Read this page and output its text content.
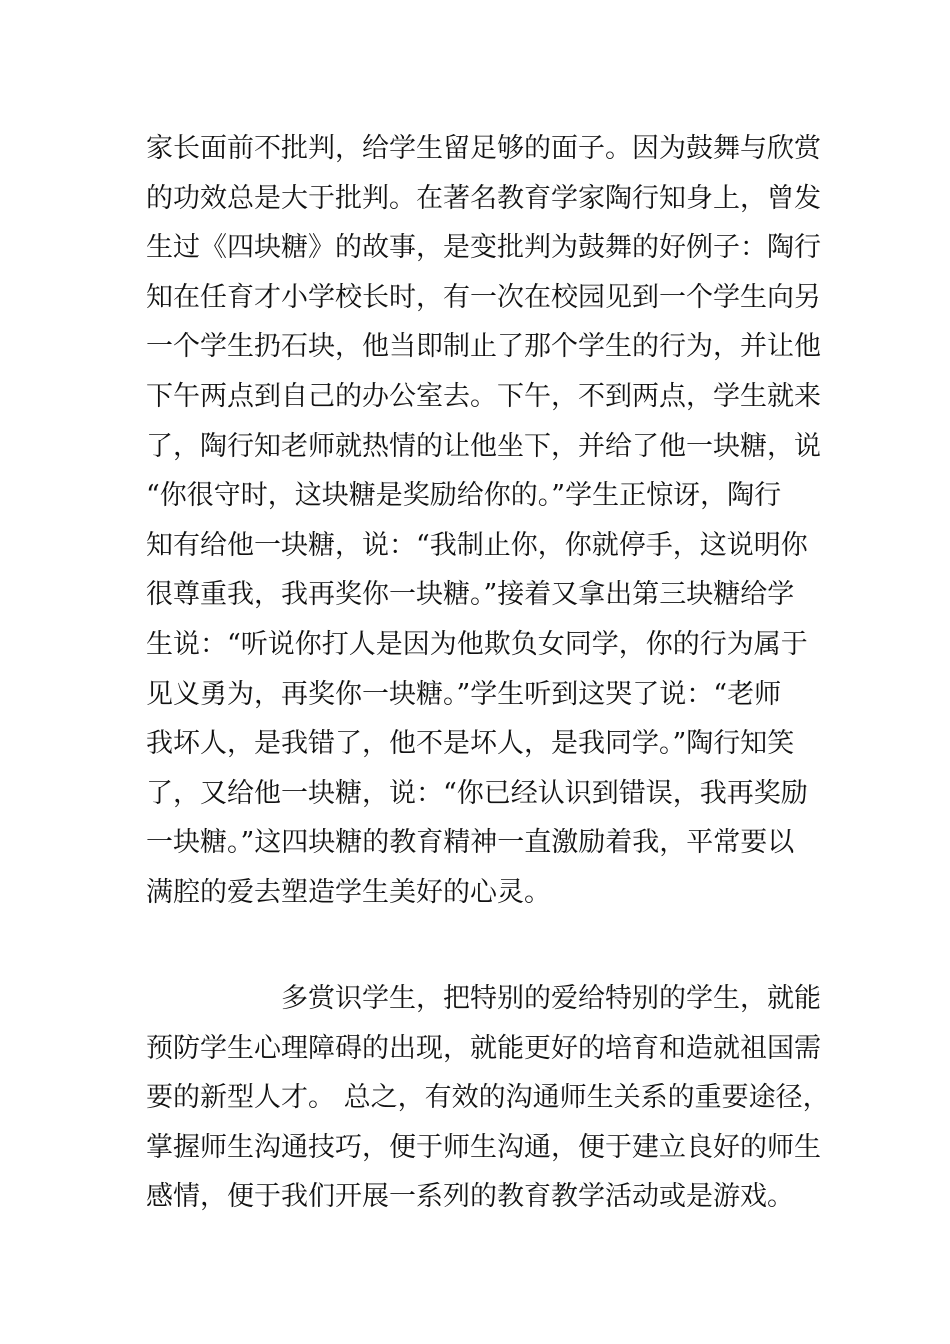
家长面前不批判，给学生留足够的面子。因为鼓舞与欣赏
的功效总是大于批判。在著名教育学家陶行知身上，曾发
生过《四块糖》的故事，是变批判为鼓舞的好例子：陶行
知在任育才小学校长时，有一次在校园见到一个学生向另
一个学生扔石块，他当即制止了那个学生的行为，并让他
下午两点到自己的办公室去。下午，不到两点，学生就来
了，陶行知老师就热情的让他坐下，并给了他一块糖，说
“你很守时，这块糖是奖励给你的。”学生正惊讶，陶行
知有给他一块糖，说：“我制止你，你就停手，这说明你
很尊重我，我再奖你一块糖。”接着又拿出第三块糖给学
生说：“听说你打人是因为他欺负女同学，你的行为属于
见义勇为，再奖你一块糖。”学生听到这哭了说：“老师
我坏人，是我错了，他不是坏人，是我同学。”陶行知笑
了，又给他一块糖，说：“你已经认识到错误，我再奖励
一块糖。”这四块糖的教育精神一直激励着我，平常要以
满腔的爱去塑造学生美好的心灵。
多赏识学生，把特别的爱给特别的学生，就能
预防学生心理障碍的出现，就能更好的培育和造就祖国需
要的新型人才。 总之，有效的沟通师生关系的重要途径，
掌握师生沟通技巧，便于师生沟通，便于建立良好的师生
感情，便于我们开展一系列的教育教学活动或是游戏。
